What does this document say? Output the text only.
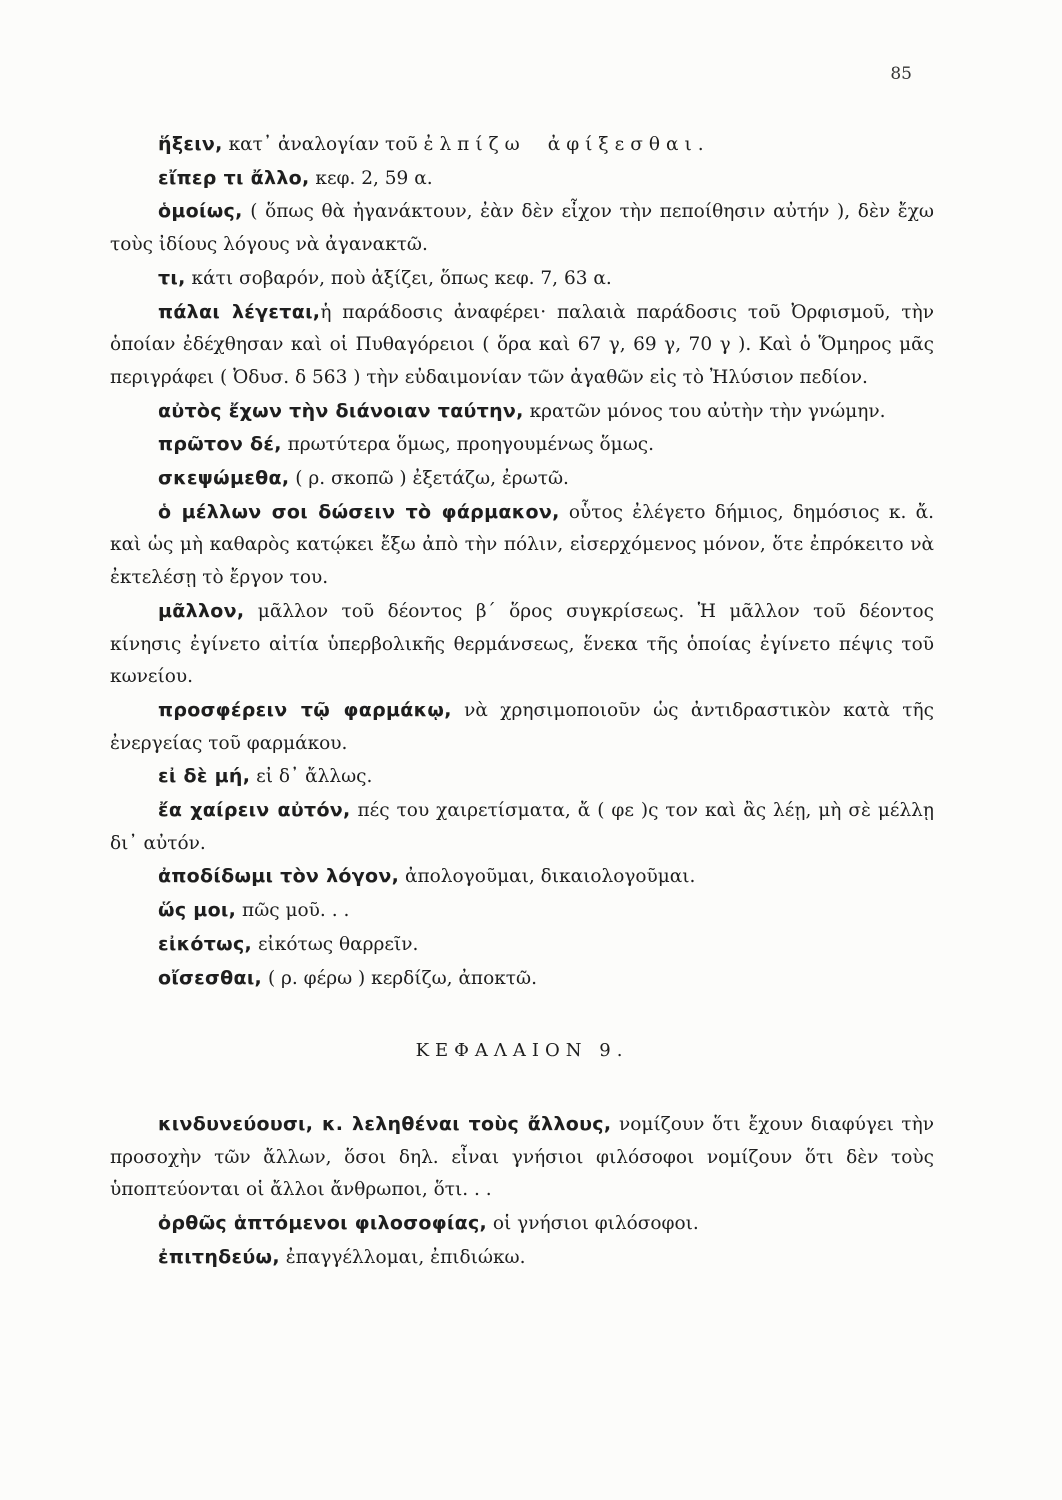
85

ἥξειν, κατ᾿ ἀναλογίαν τοῦ ἐλπίζω ἀφίξεσθαι.

εἴπερ τι ἄλλο, κεφ. 2, 59 α.

ὁμοίως, ( ὅπως θὰ ἠγανάκτουν, ἐὰν δὲν εἶχον τὴν πεποίθησιν αὐτήν ), δὲν ἔχω τοὺς ἰδίους λόγους νὰ ἀγανακτῶ.

τι, κάτι σοβαρόν, ποὺ ἀξίζει, ὅπως κεφ. 7, 63 α.

πάλαι λέγεται,ἡ παράδοσις ἀναφέρει· παλαιὰ παράδοσις τοῦ Ὀρφισμοῦ, τὴν ὁποίαν ἐδέχθησαν καὶ οἱ Πυθαγόρειοι ( ὅρα καὶ 67 γ, 69 γ, 70 γ ). Καὶ ὁ Ὅμηρος μᾶς περιγράφει ( Ὀδυσ. δ 563 ) τὴν εὐδαιμονίαν τῶν ἀγαθῶν εἰς τὸ Ἠλύσιον πεδίον.

αὐτὸς ἔχων τὴν διάνοιαν ταύτην, κρατῶν μόνος του αὐτὴν τὴν γνώμην.

πρῶτον δέ, πρωτύτερα ὅμως, προηγουμένως ὅμως.

σκεψώμεθα, ( ρ. σκοπῶ ) ἐξετάζω, ἐρωτῶ.

ὁ μέλλων σοι δώσειν τὸ φάρμακον, οὗτος ἐλέγετο δήμιος, δημόσιος κ. ἄ. καὶ ὡς μὴ καθαρὸς κατῴκει ἔξω ἀπὸ τὴν πόλιν, εἰσερχόμενος μόνον, ὅτε ἐπρόκειτο νὰ ἐκτελέσῃ τὸ ἔργον του.

μᾶλλον, μᾶλλον τοῦ δέοντος β΄ ὅρος συγκρίσεως. Ἡ μᾶλλον τοῦ δέοντος κίνησις ἐγίνετο αἰτία ὑπερβολικῆς θερμάνσεως, ἕνεκα τῆς ὁποίας ἐγίνετο πέψις τοῦ κωνείου.

προσφέρειν τῷ φαρμάκῳ, νὰ χρησιμοποιοῦν ὡς ἀντιδραστικὸν κατὰ τῆς ἐνεργείας τοῦ φαρμάκου.

εἰ δὲ μή, εἰ δ᾿ ἄλλως.

ἔα χαίρειν αὐτόν, πές του χαιρετίσματα, ἄ ( φε )ς τον καὶ ἂς λέῃ, μὴ σὲ μέλλῃ δι᾿ αὐτόν.

ἀποδίδωμι τὸν λόγον, ἀπολογοῦμαι, δικαιολογοῦμαι.

ὥς μοι, πῶς μοῦ. . .

εἰκότως, εἰκότως θαρρεῖν.

οἴσεσθαι, ( ρ. φέρω ) κερδίζω, ἀποκτῶ.

ΚΕΦΑΛΑΙΟΝ 9.

κινδυνεύουσι, κ. λεληθέναι τοὺς ἄλλους, νομίζουν ὅτι ἔχουν διαφύγει τὴν προσοχὴν τῶν ἄλλων, ὅσοι δηλ. εἶναι γνήσιοι φιλόσοφοι νομίζουν ὅτι δὲν τοὺς ὑποπτεύονται οἱ ἄλλοι ἄνθρωποι, ὅτι. . .

ὀρθῶς ἁπτόμενοι φιλοσοφίας, οἱ γνήσιοι φιλόσοφοι.

ἐπιτηδεύω, ἐπαγγέλλομαι, ἐπιδιώκω.
